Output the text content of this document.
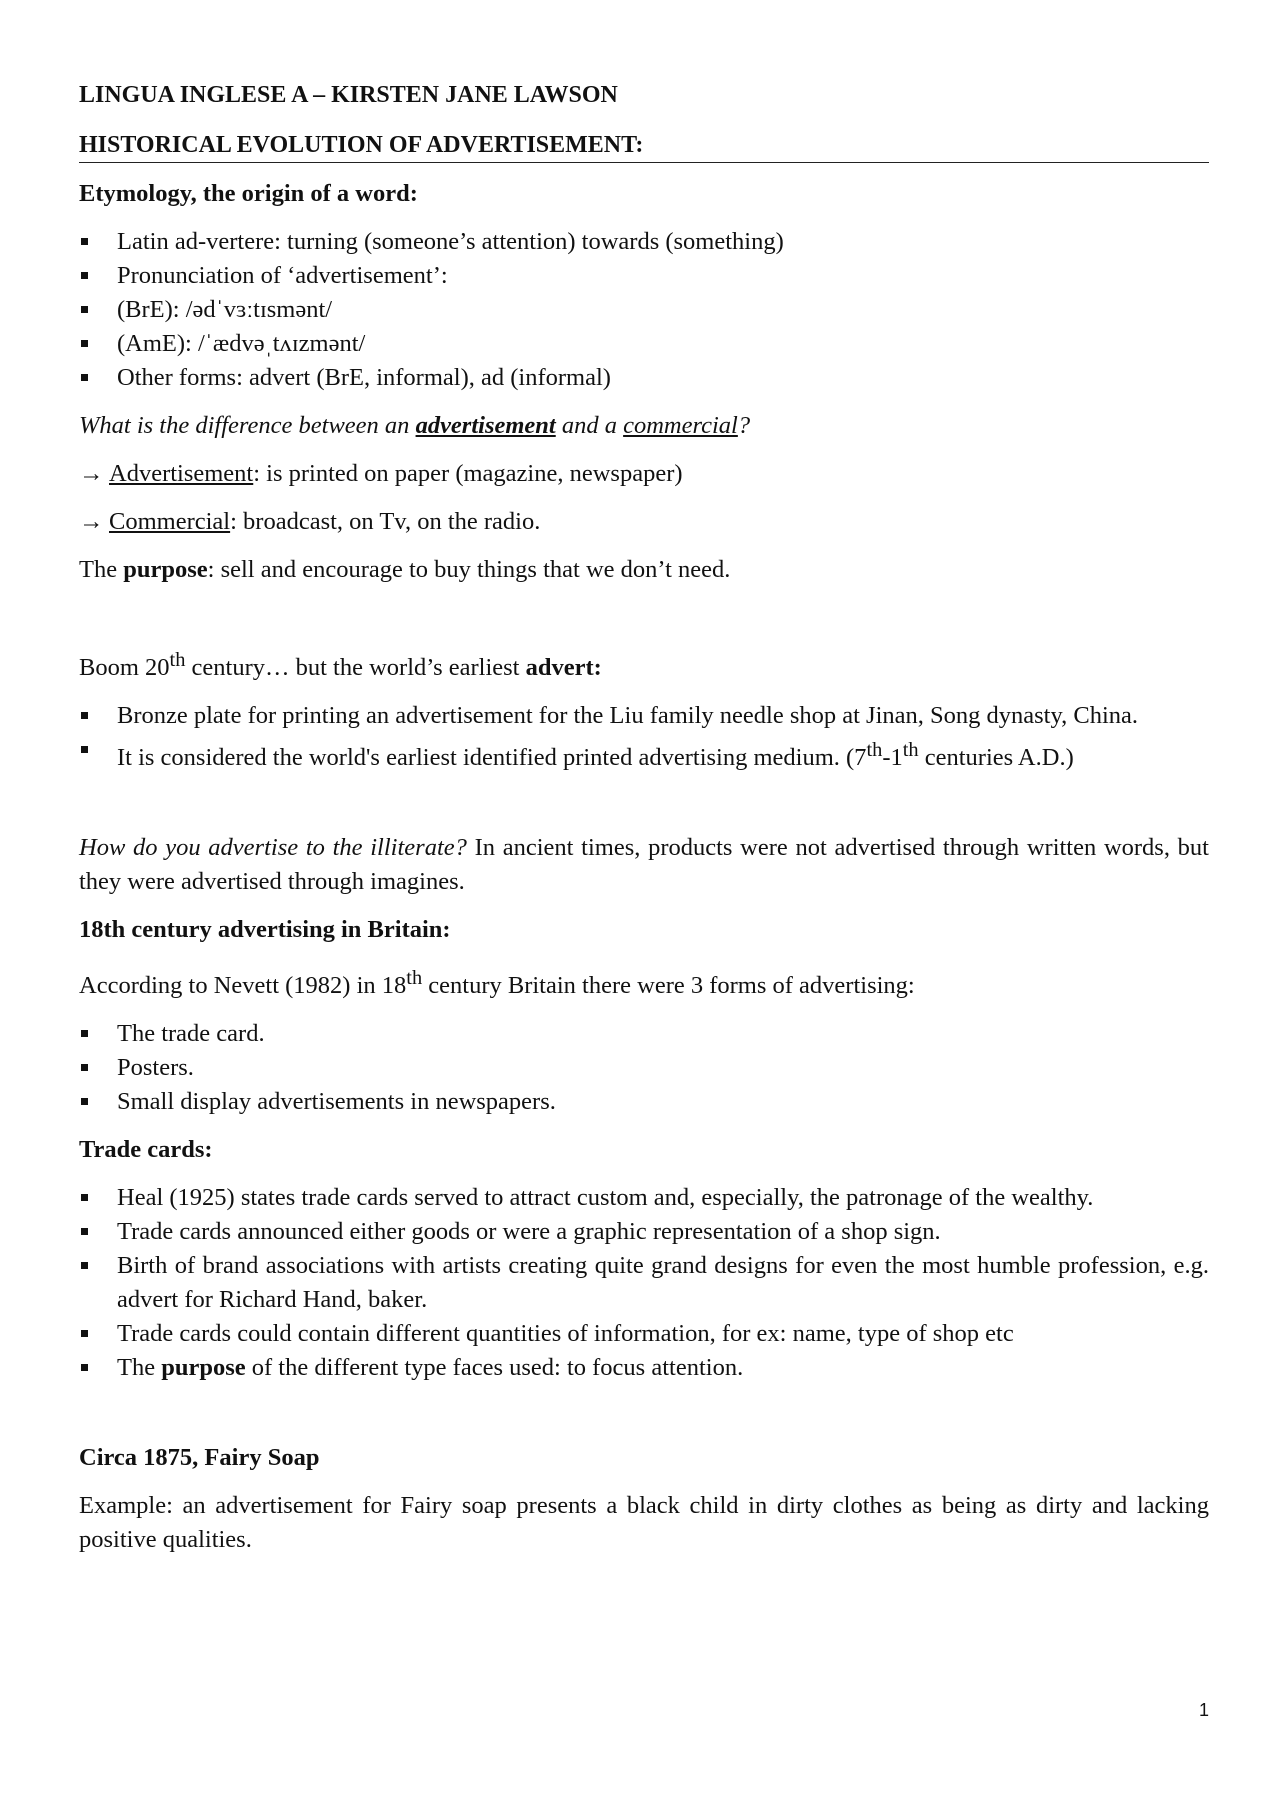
LINGUA INGLESE A – KIRSTEN JANE LAWSON
HISTORICAL EVOLUTION OF ADVERTISEMENT:

Etymology, the origin of a word:

Latin ad-vertere: turning (someone’s attention) towards (something)
Pronunciation of ‘advertisement’:
(BrE): /ədˈvɜːtɪsmənt/
(AmE): /ˈædvəˌtʌɪzmənt/
Other forms: advert (BrE, informal), ad (informal)

What is the difference between an advertisement and a commercial?

→ Advertisement: is printed on paper (magazine, newspaper)

→ Commercial: broadcast, on Tv, on the radio.

The purpose: sell and encourage to buy things that we don’t need.

Boom 20th century… but the world’s earliest advert:

Bronze plate for printing an advertisement for the Liu family needle shop at Jinan, Song dynasty, China.
It is considered the world's earliest identified printed advertising medium. (7th-1th centuries A.D.)

How do you advertise to the illiterate? In ancient times, products were not advertised through written words, but they were advertised through imagines.

18th century advertising in Britain:

According to Nevett (1982) in 18th century Britain there were 3 forms of advertising:

The trade card.
Posters.
Small display advertisements in newspapers.

Trade cards:

Heal (1925) states trade cards served to attract custom and, especially, the patronage of the wealthy.
Trade cards announced either goods or were a graphic representation of a shop sign.
Birth of brand associations with artists creating quite grand designs for even the most humble profession, e.g. advert for Richard Hand, baker.
Trade cards could contain different quantities of information, for ex: name, type of shop etc
The purpose of the different type faces used: to focus attention.

Circa 1875, Fairy Soap

Example: an advertisement for Fairy soap presents a black child in dirty clothes as being as dirty and lacking positive qualities.

1
